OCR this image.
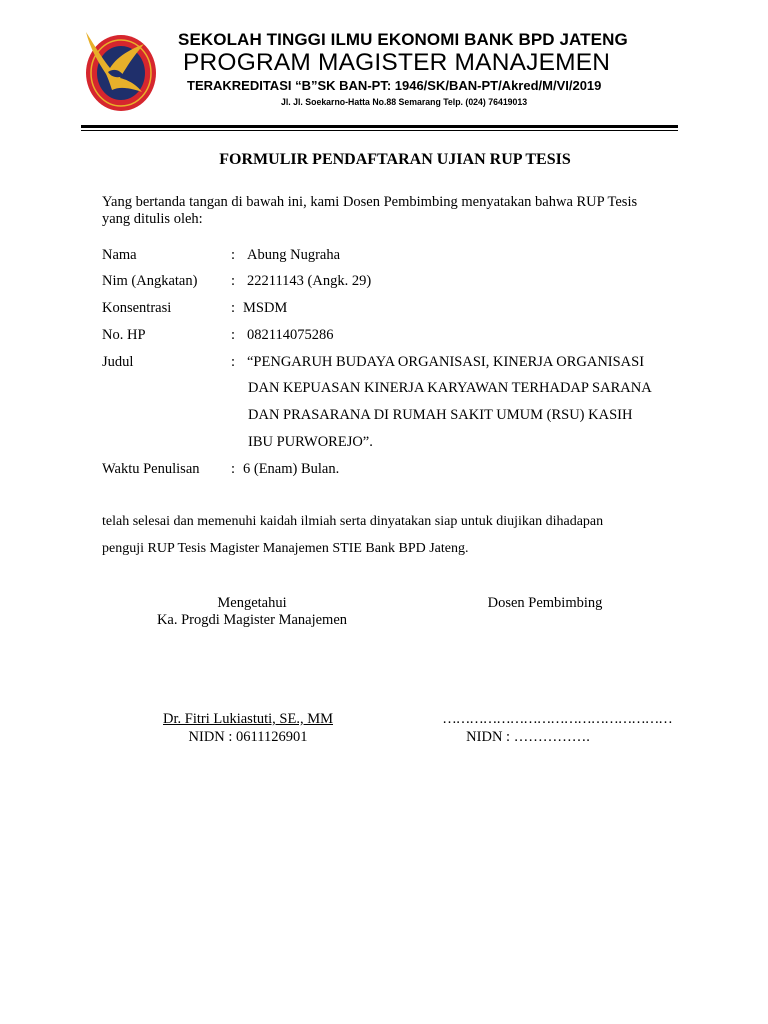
SEKOLAH TINGGI ILMU EKONOMI BANK BPD JATENG
PROGRAM MAGISTER MANAJEMEN
TERAKREDITASI “B”SK BAN-PT: 1946/SK/BAN-PT/Akred/M/VI/2019
Jl. Jl. Soekarno-Hatta No.88 Semarang Telp. (024) 76419013
FORMULIR PENDAFTARAN UJIAN RUP TESIS
Yang bertanda tangan di bawah ini, kami Dosen Pembimbing menyatakan bahwa RUP Tesis
yang ditulis oleh:
Nama	: Abung Nugraha
Nim (Angkatan) : 22211143 (Angk. 29)
Konsentrasi	: MSDM
No. HP	: 082114075286
Judul	: “PENGARUH BUDAYA ORGANISASI, KINERJA ORGANISASI
DAN KEPUASAN KINERJA KARYAWAN TERHADAP SARANA
DAN PRASARANA DI RUMAH SAKIT UMUM (RSU) KASIH
IBU PURWOREJO”.
Waktu Penulisan : 6 (Enam) Bulan.
telah selesai dan memenuhi kaidah ilmiah serta dinyatakan siap untuk diujikan dihadapan
penguji RUP Tesis Magister Manajemen STIE Bank BPD Jateng.
Mengetahui
Ka. Progdi Magister Manajemen
Dr. Fitri Lukiastuti, SE., MM
NIDN : 0611126901
Dosen Pembimbing
……………………………………………
NIDN : …………….
